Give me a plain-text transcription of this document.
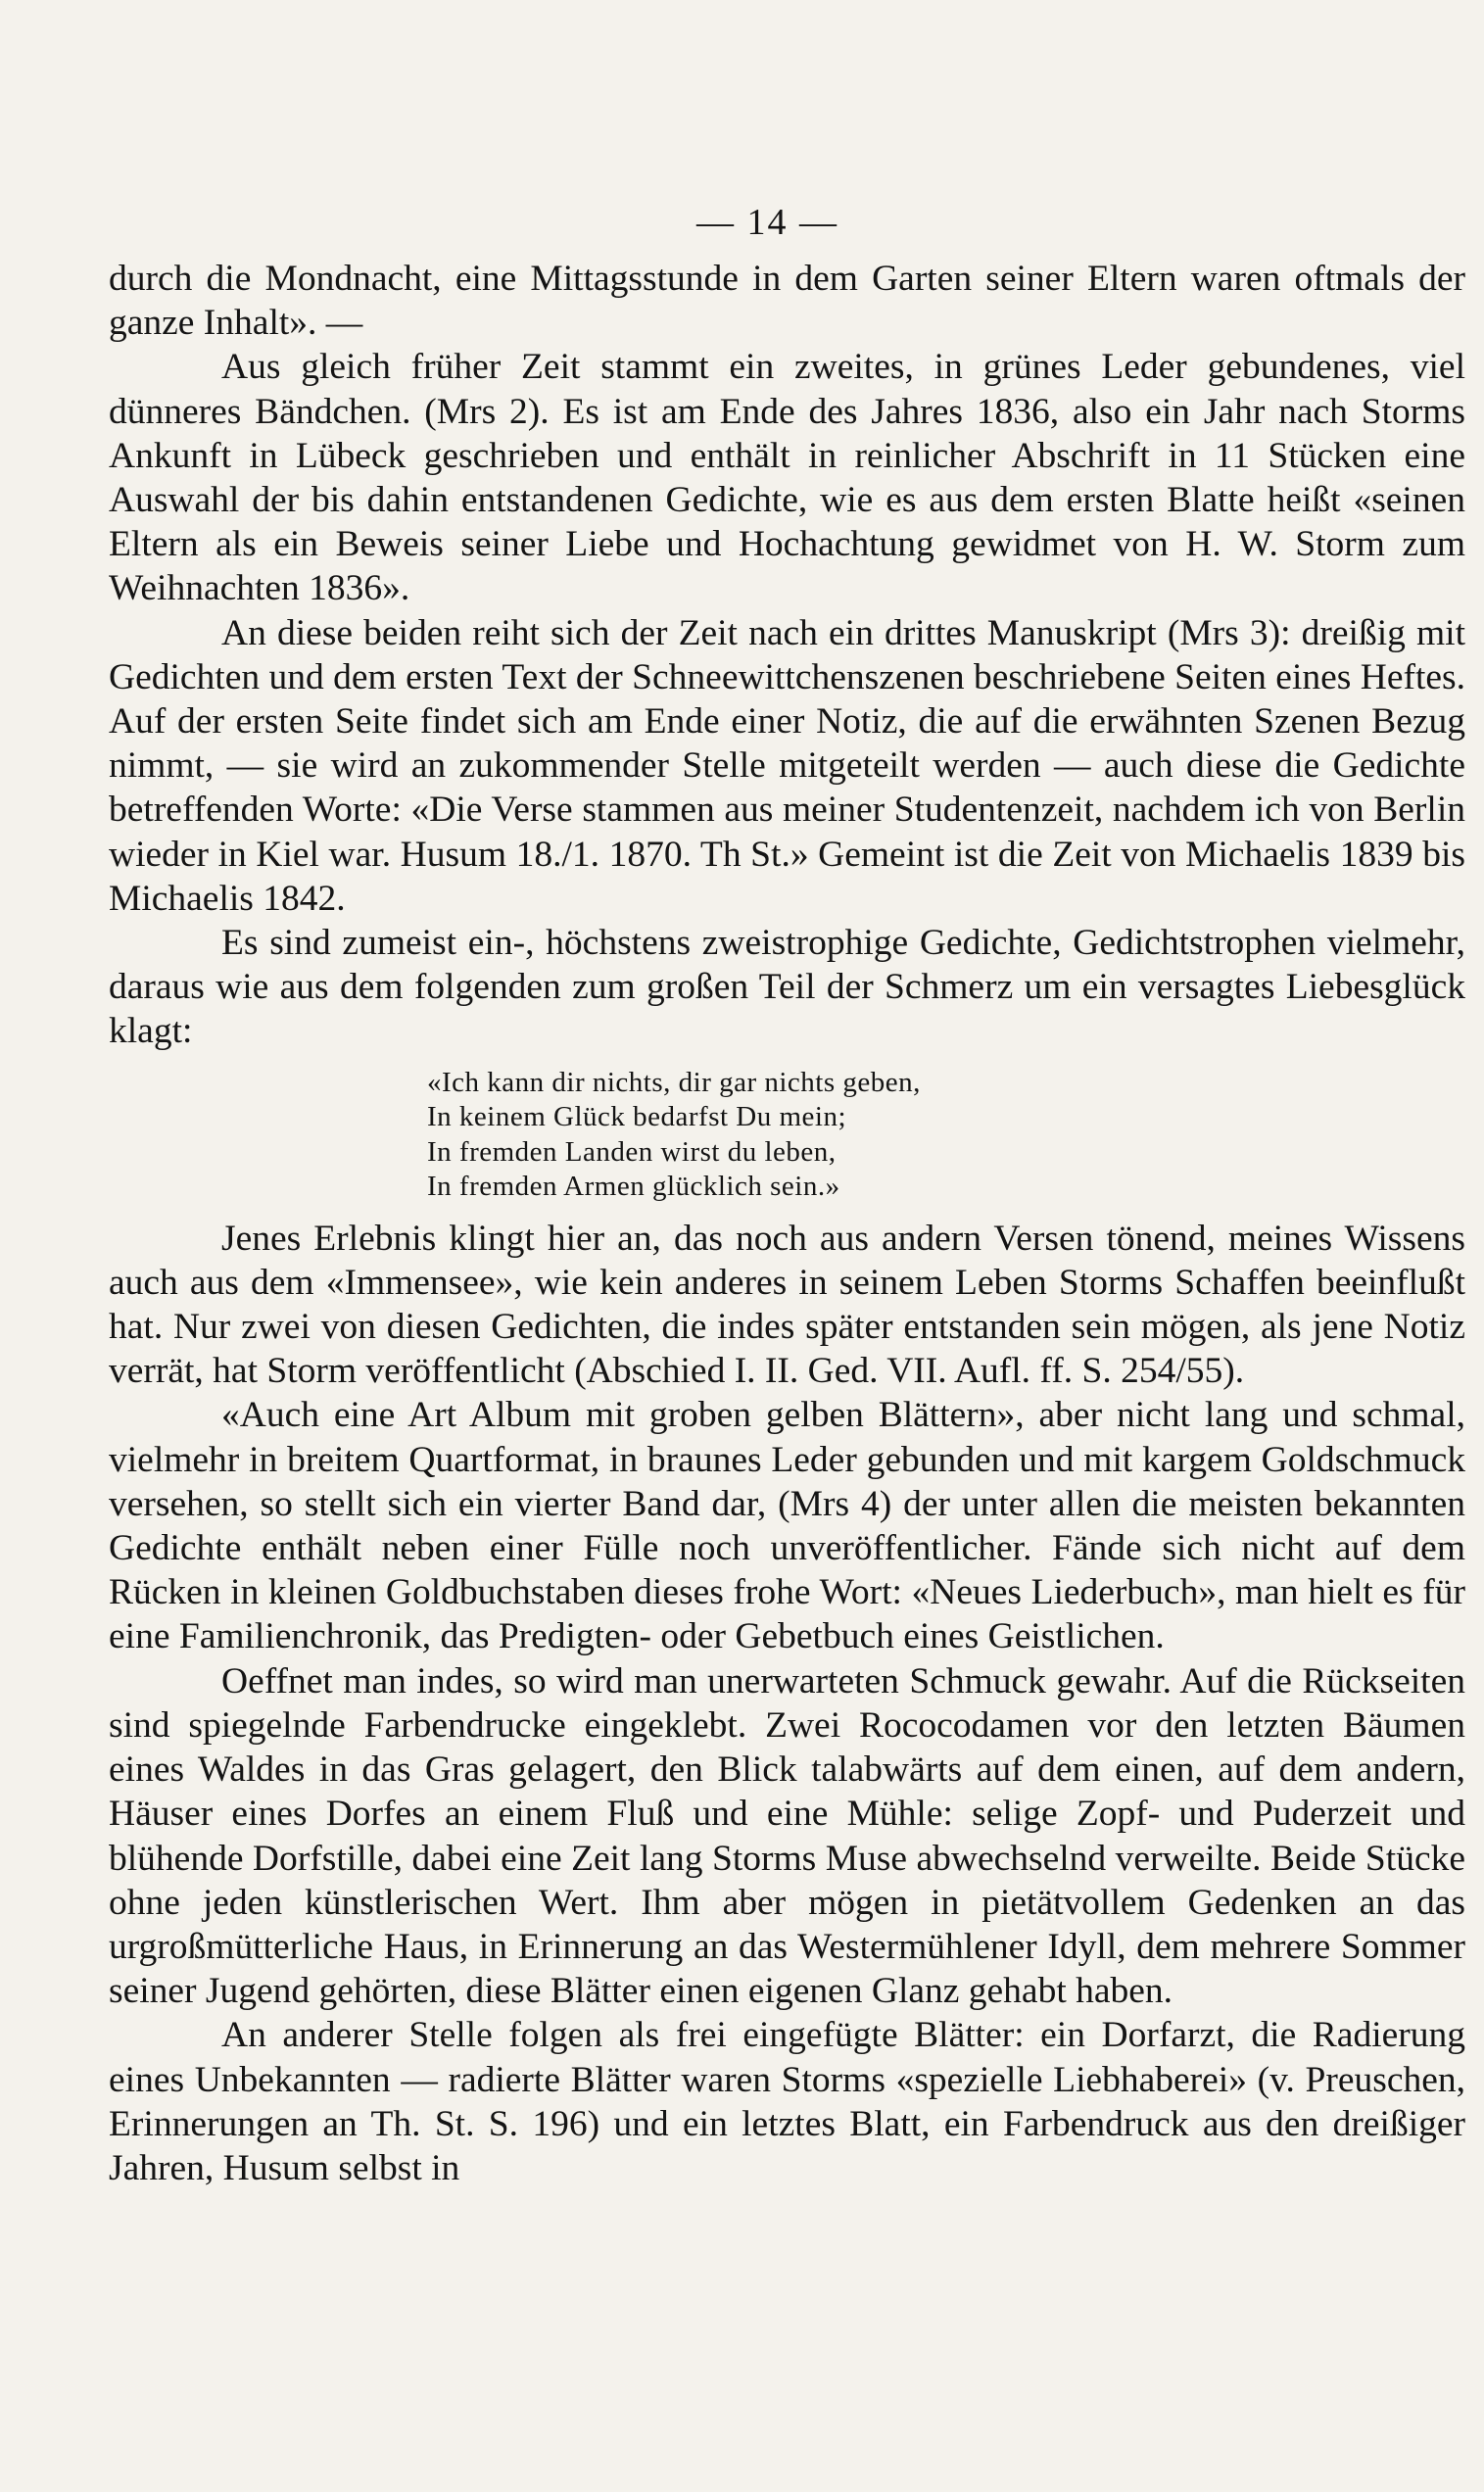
— 14 —

durch die Mondnacht, eine Mittagsstunde in dem Garten seiner Eltern waren oftmals der ganze Inhalt». —

Aus gleich früher Zeit stammt ein zweites, in grünes Leder gebundenes, viel dünneres Bändchen. (Mrs 2). Es ist am Ende des Jahres 1836, also ein Jahr nach Storms Ankunft in Lübeck geschrieben und enthält in reinlicher Abschrift in 11 Stücken eine Auswahl der bis dahin entstandenen Gedichte, wie es aus dem ersten Blatte heißt «seinen Eltern als ein Beweis seiner Liebe und Hochachtung gewidmet von H. W. Storm zum Weihnachten 1836».

An diese beiden reiht sich der Zeit nach ein drittes Manuskript (Mrs 3): dreißig mit Gedichten und dem ersten Text der Schneewittchenszenen beschriebene Seiten eines Heftes. Auf der ersten Seite findet sich am Ende einer Notiz, die auf die erwähnten Szenen Bezug nimmt, — sie wird an zukommender Stelle mitgeteilt werden — auch diese die Gedichte betreffenden Worte: «Die Verse stammen aus meiner Studentenzeit, nachdem ich von Berlin wieder in Kiel war. Husum 18./1. 1870. Th St.» Gemeint ist die Zeit von Michaelis 1839 bis Michaelis 1842.

Es sind zumeist ein-, höchstens zweistrophige Gedichte, Gedichtstrophen vielmehr, daraus wie aus dem folgenden zum großen Teil der Schmerz um ein versagtes Liebesglück klagt:

«Ich kann dir nichts, dir gar nichts geben,
In keinem Glück bedarfst Du mein;
In fremden Landen wirst du leben,
In fremden Armen glücklich sein.»

Jenes Erlebnis klingt hier an, das noch aus andern Versen tönend, meines Wissens auch aus dem «Immensee», wie kein anderes in seinem Leben Storms Schaffen beeinflußt hat. Nur zwei von diesen Gedichten, die indes später entstanden sein mögen, als jene Notiz verrät, hat Storm veröffentlicht (Abschied I. II. Ged. VII. Aufl. ff. S. 254/55).

«Auch eine Art Album mit groben gelben Blättern», aber nicht lang und schmal, vielmehr in breitem Quartformat, in braunes Leder gebunden und mit kargem Goldschmuck versehen, so stellt sich ein vierter Band dar, (Mrs 4) der unter allen die meisten bekannten Gedichte enthält neben einer Fülle noch unveröffentlicher. Fände sich nicht auf dem Rücken in kleinen Goldbuchstaben dieses frohe Wort: «Neues Liederbuch», man hielt es für eine Familienchronik, das Predigten- oder Gebetbuch eines Geistlichen.

Oeffnet man indes, so wird man unerwarteten Schmuck gewahr. Auf die Rückseiten sind spiegelnde Farbendrucke eingeklebt. Zwei Rococodamen vor den letzten Bäumen eines Waldes in das Gras gelagert, den Blick talabwärts auf dem einen, auf dem andern, Häuser eines Dorfes an einem Fluß und eine Mühle: selige Zopf- und Puderzeit und blühende Dorfstille, dabei eine Zeit lang Storms Muse abwechselnd verweilte. Beide Stücke ohne jeden künstlerischen Wert. Ihm aber mögen in pietätvollem Gedenken an das urgroßmütterliche Haus, in Erinnerung an das Westermühlener Idyll, dem mehrere Sommer seiner Jugend gehörten, diese Blätter einen eigenen Glanz gehabt haben.

An anderer Stelle folgen als frei eingefügte Blätter: ein Dorfarzt, die Radierung eines Unbekannten — radierte Blätter waren Storms «spezielle Liebhaberei» (v. Preuschen, Erinnerungen an Th. St. S. 196) und ein letztes Blatt, ein Farbendruck aus den dreißiger Jahren, Husum selbst in
